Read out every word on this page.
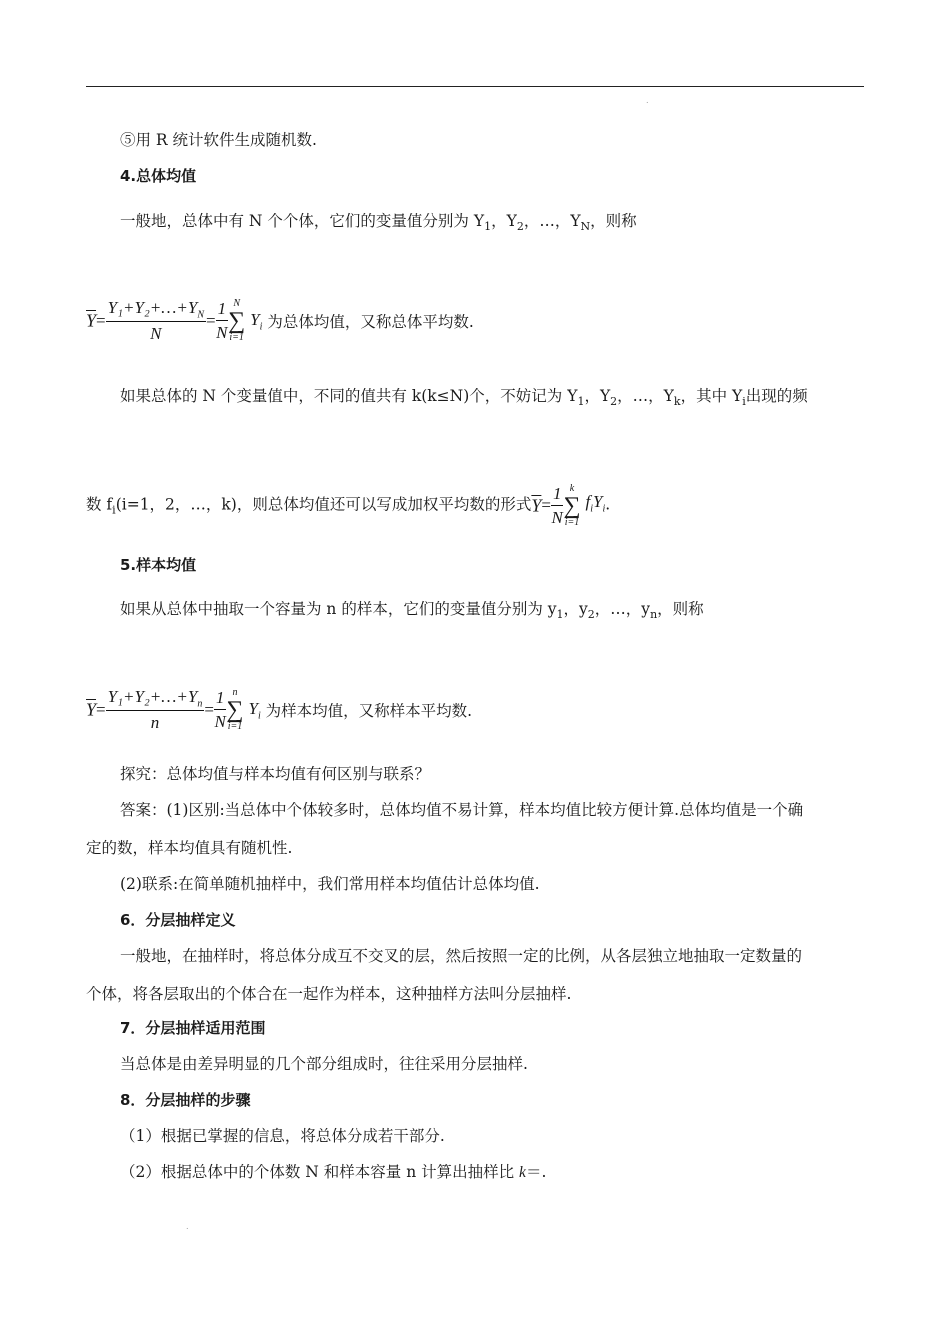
.
⑤用 R 统计软件生成随机数.
4.总体均值
一般地，总体中有 N 个个体，它们的变量值分别为 $Y_1$，$Y_2$，…，$Y_N$，则称
$\overline{Y}= \frac{Y_1+Y_2+\dots+Y_N}{N} = \frac{1}{N}$ N
∑
i=1
$Y_i$ 为总体均值，又称总体平均数.
如果总体的 N 个变量值中，不同的值共有 k(k≤N)个，不妨记为 $Y_1$，$Y_2$，…，$Y_k$，其中 $Y_i$出现的频
数 $f_i(i=1$，2，…，k)，则总体均值还可以写成加权平均数的形式$\overline{Y}= \frac{1}{N}$ k
∑
i=1
$f_iY_i$.
5.样本均值
如果从总体中抽取一个容量为 n 的样本，它们的变量值分别为 $y_1$，$y_2$，…，$y_n$，则称
$\overline{Y}= \frac{Y_1+Y_2+\dots+Y_n}{n} = \frac{1}{N}$ n
∑
i=1
$Y_i$ 为样本均值，又称样本平均数.
探究：总体均值与样本均值有何区别与联系？
答案：(1)区别:当总体中个体较多时，总体均值不易计算，样本均值比较方便计算.总体均值是一个确
定的数，样本均值具有随机性.
(2)联系:在简单随机抽样中，我们常用样本均值估计总体均值.
6．分层抽样定义
一般地，在抽样时，将总体分成互不交叉的层，然后按照一定的比例，从各层独立地抽取一定数量的
个体，将各层取出的个体合在一起作为样本，这种抽样方法叫分层抽样.
7．分层抽样适用范围
当总体是由差异明显的几个部分组成时，往往采用分层抽样.
8．分层抽样的步骤
（1）根据已掌握的信息，将总体分成若干部分.
（2）根据总体中的个体数 N 和样本容量 n 计算出抽样比 k＝.
.
